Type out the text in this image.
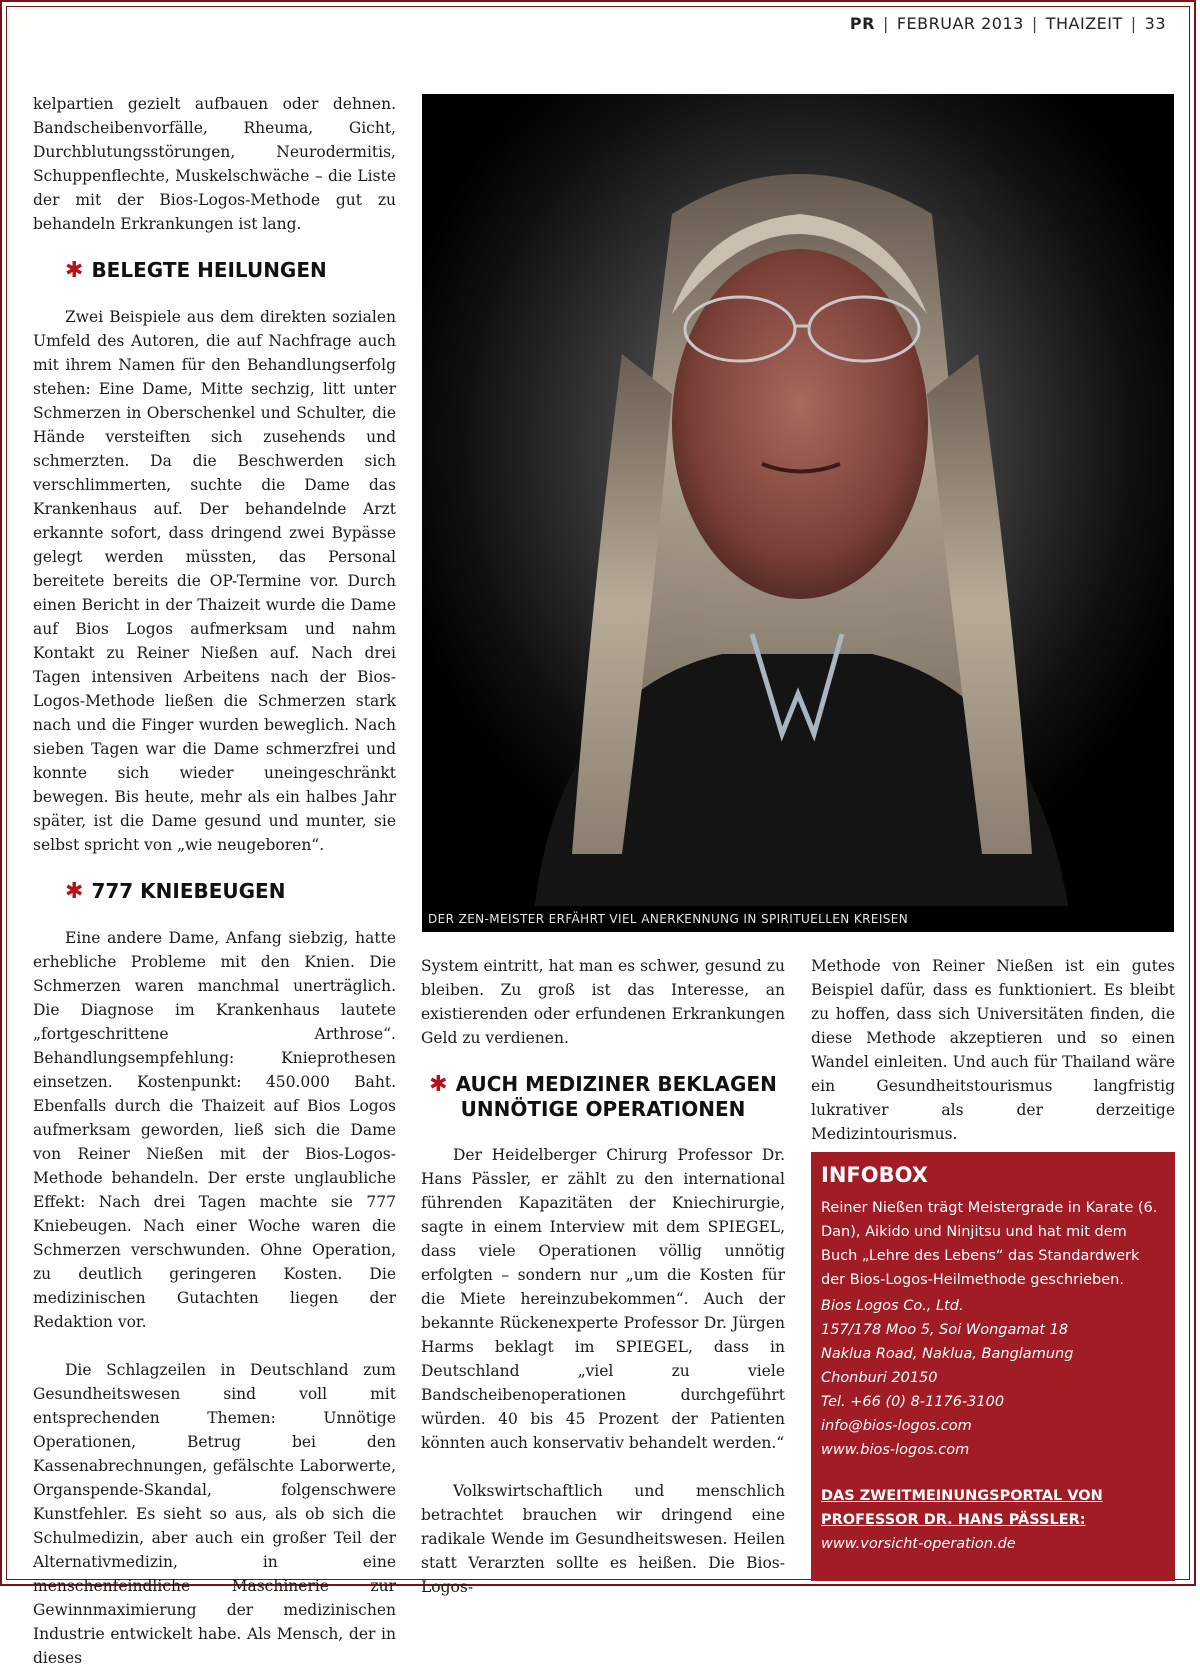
PR | FEBRUAR 2013 | THAIZEIT | 33

kelpartien gezielt aufbauen oder dehnen. Bandscheibenvorfälle, Rheuma, Gicht, Durchblutungsstörungen, Neurodermitis, Schuppenflechte, Muskelschwäche – die Liste der mit der Bios-Logos-Methode gut zu behandeln Erkrankungen ist lang.

✱ BELEGTE HEILUNGEN

Zwei Beispiele aus dem direkten sozialen Umfeld des Autoren, die auf Nachfrage auch mit ihrem Namen für den Behandlungserfolg stehen: Eine Dame, Mitte sechzig, litt unter Schmerzen in Oberschenkel und Schulter, die Hände versteiften sich zusehends und schmerzten. Da die Beschwerden sich verschlimmerten, suchte die Dame das Krankenhaus auf. Der behandelnde Arzt erkannte sofort, dass dringend zwei Bypässe gelegt werden müssten, das Personal bereitete bereits die OP-Termine vor. Durch einen Bericht in der Thaizeit wurde die Dame auf Bios Logos aufmerksam und nahm Kontakt zu Reiner Nießen auf. Nach drei Tagen intensiven Arbeitens nach der Bios-Logos-Methode ließen die Schmerzen stark nach und die Finger wurden beweglich. Nach sieben Tagen war die Dame schmerzfrei und konnte sich wieder uneingeschränkt bewegen. Bis heute, mehr als ein halbes Jahr später, ist die Dame gesund und munter, sie selbst spricht von „wie neugeboren“.

✱ 777 KNIEBEUGEN

Eine andere Dame, Anfang siebzig, hatte erhebliche Probleme mit den Knien. Die Schmerzen waren manchmal unerträglich. Die Diagnose im Krankenhaus lautete „fortgeschrittene Arthrose“. Behandlungsempfehlung: Knieprothesen einsetzen. Kostenpunkt: 450.000 Baht. Ebenfalls durch die Thaizeit auf Bios Logos aufmerksam geworden, ließ sich die Dame von Reiner Nießen mit der Bios-Logos-Methode behandeln. Der erste unglaubliche Effekt: Nach drei Tagen machte sie 777 Kniebeugen. Nach einer Woche waren die Schmerzen verschwunden. Ohne Operation, zu deutlich geringeren Kosten. Die medizinischen Gutachten liegen der Redaktion vor.

Die Schlagzeilen in Deutschland zum Gesundheitswesen sind voll mit entsprechenden Themen: Unnötige Operationen, Betrug bei den Kassenabrechnungen, gefälschte Laborwerte, Organspende-Skandal, folgenschwere Kunstfehler. Es sieht so aus, als ob sich die Schulmedizin, aber auch ein großer Teil der Alternativmedizin, in eine menschenfeindliche Maschinerie zur Gewinnmaximierung der medizinischen Industrie entwickelt habe. Als Mensch, der in dieses

DER ZEN-MEISTER ERFÄHRT VIEL ANERKENNUNG IN SPIRITUELLEN KREISEN

System eintritt, hat man es schwer, gesund zu bleiben. Zu groß ist das Interesse, an existierenden oder erfundenen Erkrankungen Geld zu verdienen.

✱ AUCH MEDIZINER BEKLAGEN
UNNÖTIGE OPERATIONEN

Der Heidelberger Chirurg Professor Dr. Hans Pässler, er zählt zu den international führenden Kapazitäten der Kniechirurgie, sagte in einem Interview mit dem SPIEGEL, dass viele Operationen völlig unnötig erfolgten – sondern nur „um die Kosten für die Miete hereinzubekommen“. Auch der bekannte Rückenexperte Professor Dr. Jürgen Harms beklagt im SPIEGEL, dass in Deutschland „viel zu viele Bandscheibenoperationen durchgeführt würden. 40 bis 45 Prozent der Patienten könnten auch konservativ behandelt werden.“

Volkswirtschaftlich und menschlich betrachtet brauchen wir dringend eine radikale Wende im Gesundheitswesen. Heilen statt Verarzten sollte es heißen. Die Bios-Logos-

Methode von Reiner Nießen ist ein gutes Beispiel dafür, dass es funktioniert. Es bleibt zu hoffen, dass sich Universitäten finden, die diese Methode akzeptieren und so einen Wandel einleiten. Und auch für Thailand wäre ein Gesundheitstourismus langfristig lukrativer als der derzeitige Medizintourismus.

INFOBOX

Reiner Nießen trägt Meistergrade in Karate (6. Dan), Aikido und Ninjitsu und hat mit dem Buch „Lehre des Lebens“ das Standardwerk der Bios-Logos-Heilmethode geschrieben.

Bios Logos Co., Ltd.

157/178 Moo 5, Soi Wongamat 18

Naklua Road, Naklua, Banglamung

Chonburi 20150

Tel. +66 (0) 8-1176-3100

info@bios-logos.com

www.bios-logos.com

DAS ZWEITMEINUNGSPORTAL VON
PROFESSOR DR. HANS PÄSSLER:
www.vorsicht-operation.de
